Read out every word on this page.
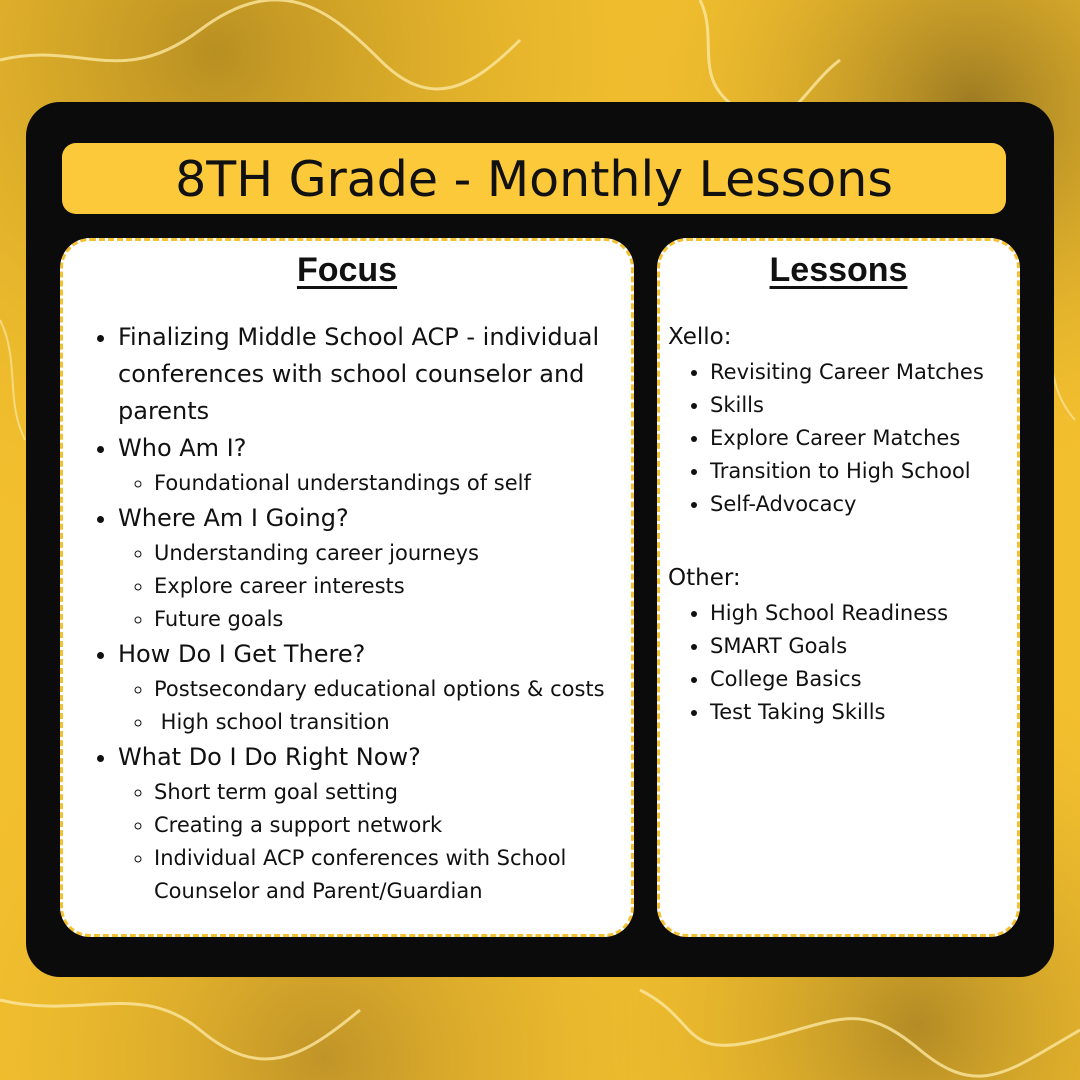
8TH Grade - Monthly Lessons
Focus
• Finalizing Middle School ACP - individual conferences with school counselor and parents
• Who Am I?
◦ Foundational understandings of self
• Where Am I Going?
◦ Understanding career journeys
◦ Explore career interests
◦ Future goals
• How Do I Get There?
◦ Postsecondary educational options & costs
◦  High school transition
• What Do I Do Right Now?
◦ Short term goal setting
◦ Creating a support network
◦ Individual ACP conferences with School Counselor and Parent/Guardian
Lessons
Xello:
• Revisiting Career Matches
• Skills
• Explore Career Matches
• Transition to High School
• Self-Advocacy
Other:
• High School Readiness
• SMART Goals
• College Basics
• Test Taking Skills
